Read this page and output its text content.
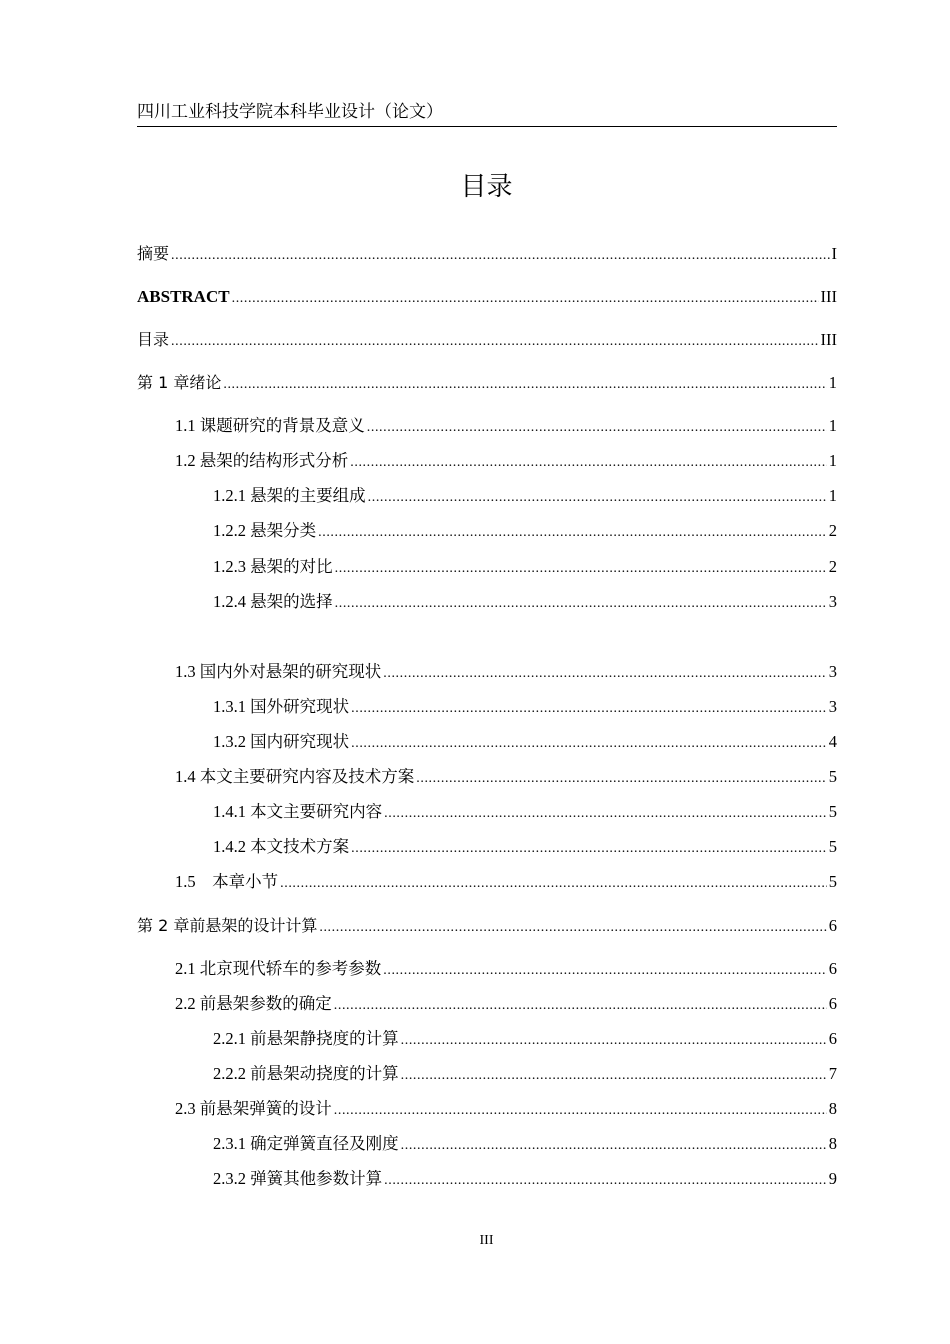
四川工业科技学院本科毕业设计（论文）
目录
摘要 .....	I
ABSTRACT .....	III
目录 .....	III
第 1 章绪论 .....	1
1.1 课题研究的背景及意义 .....	1
1.2 悬架的结构形式分析 .....	1
1.2.1 悬架的主要组成 .....	1
1.2.2 悬架分类 .....	2
1.2.3 悬架的对比 .....	2
1.2.4 悬架的选择 .....	3
1.3 国内外对悬架的研究现状 .....	3
1.3.1 国外研究现状 .....	3
1.3.2 国内研究现状 .....	4
1.4 本文主要研究内容及技术方案 .....	5
1.4.1 本文主要研究内容 .....	5
1.4.2 本文技术方案 .....	5
1.5　本章小节 .....	5
第 2 章前悬架的设计计算 .....	6
2.1 北京现代轿车的参考参数 .....	6
2.2 前悬架参数的确定 .....	6
2.2.1 前悬架静挠度的计算 .....	6
2.2.2 前悬架动挠度的计算 .....	7
2.3 前悬架弹簧的设计 .....	8
2.3.1 确定弹簧直径及刚度 .....	8
2.3.2 弹簧其他参数计算 .....	9
III
